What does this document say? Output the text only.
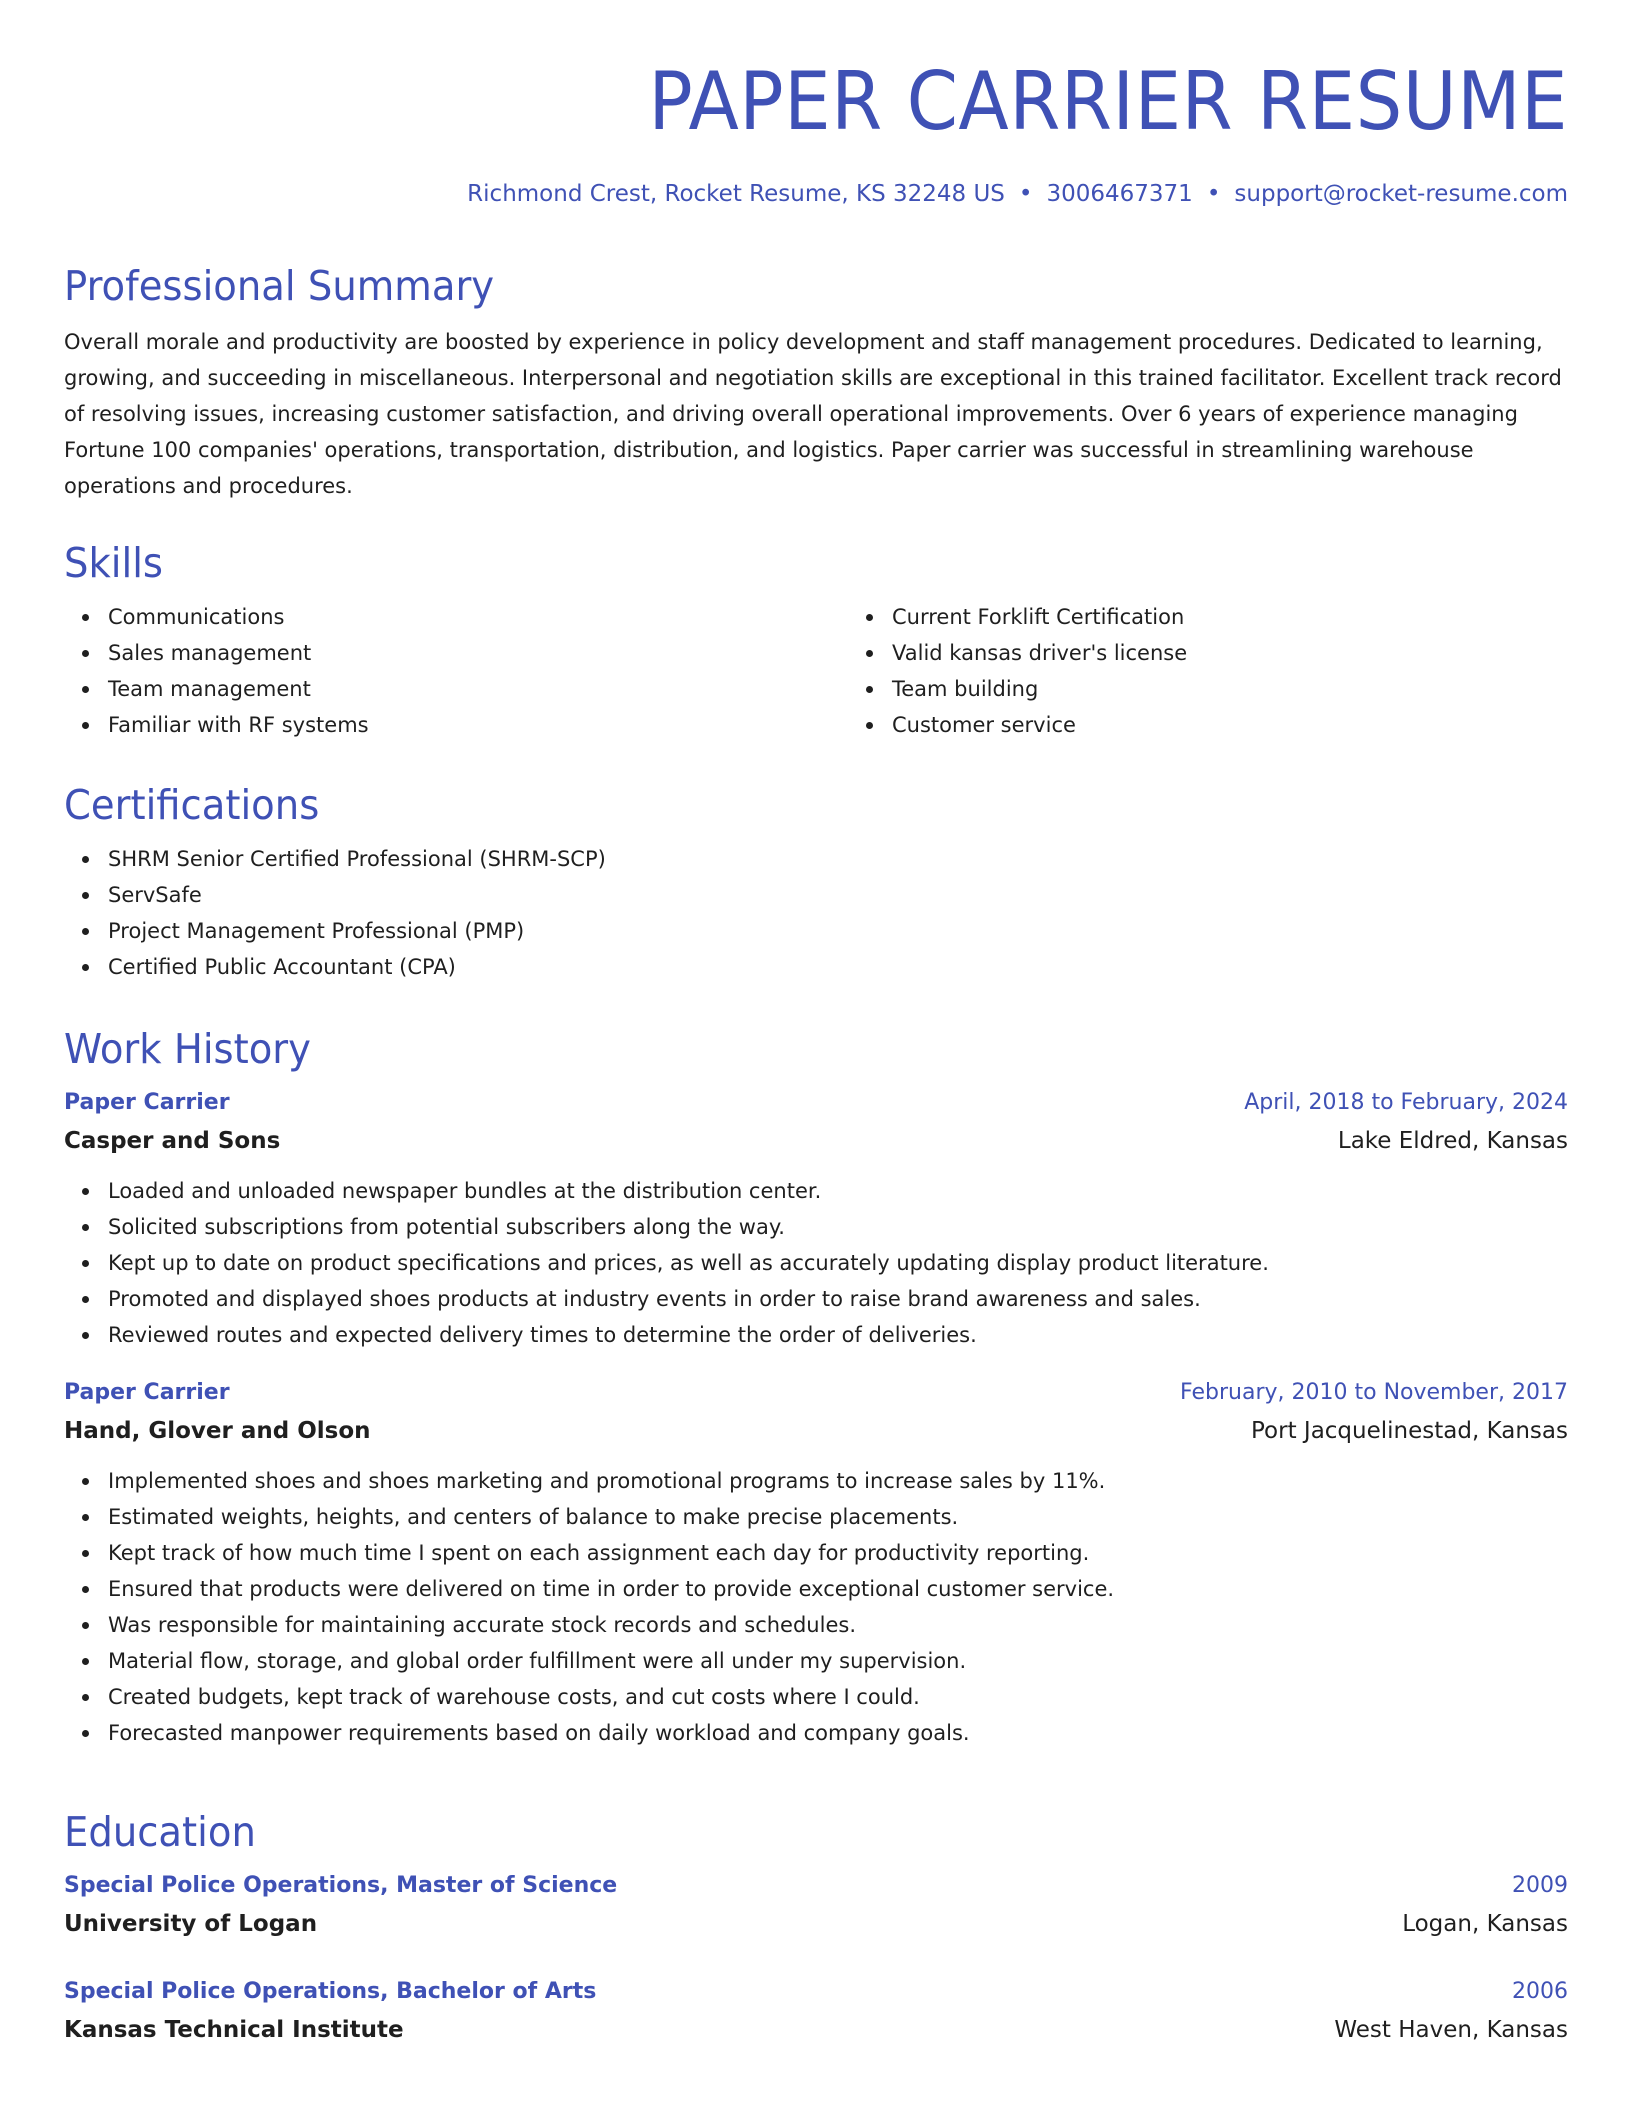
PAPER CARRIER RESUME
Richmond Crest, Rocket Resume, KS 32248 US • 3006467371 • support@rocket-resume.com
Professional Summary

Overall morale and productivity are boosted by experience in policy development and staff management procedures. Dedicated to learning, growing, and succeeding in miscellaneous. Interpersonal and negotiation skills are exceptional in this trained facilitator. Excellent track record of resolving issues, increasing customer satisfaction, and driving overall operational improvements. Over 6 years of experience managing Fortune 100 companies' operations, transportation, distribution, and logistics. Paper carrier was successful in streamlining warehouse operations and procedures.

Skills
Communications
Sales management
Team management
Familiar with RF systems
Current Forklift Certification
Valid kansas driver's license
Team building
Customer service
Certifications
SHRM Senior Certified Professional (SHRM-SCP)
ServSafe
Project Management Professional (PMP)
Certified Public Accountant (CPA)
Work History
Paper Carrier	April, 2018 to February, 2024
Casper and Sons	Lake Eldred, Kansas
Loaded and unloaded newspaper bundles at the distribution center.
Solicited subscriptions from potential subscribers along the way.
Kept up to date on product specifications and prices, as well as accurately updating display product literature.
Promoted and displayed shoes products at industry events in order to raise brand awareness and sales.
Reviewed routes and expected delivery times to determine the order of deliveries.
Paper Carrier	February, 2010 to November, 2017
Hand, Glover and Olson	Port Jacquelinestad, Kansas
Implemented shoes and shoes marketing and promotional programs to increase sales by 11%.
Estimated weights, heights, and centers of balance to make precise placements.
Kept track of how much time I spent on each assignment each day for productivity reporting.
Ensured that products were delivered on time in order to provide exceptional customer service.
Was responsible for maintaining accurate stock records and schedules.
Material flow, storage, and global order fulfillment were all under my supervision.
Created budgets, kept track of warehouse costs, and cut costs where I could.
Forecasted manpower requirements based on daily workload and company goals.
Education
Special Police Operations, Master of Science	2009
University of Logan	Logan, Kansas
Special Police Operations, Bachelor of Arts	2006
Kansas Technical Institute	West Haven, Kansas
